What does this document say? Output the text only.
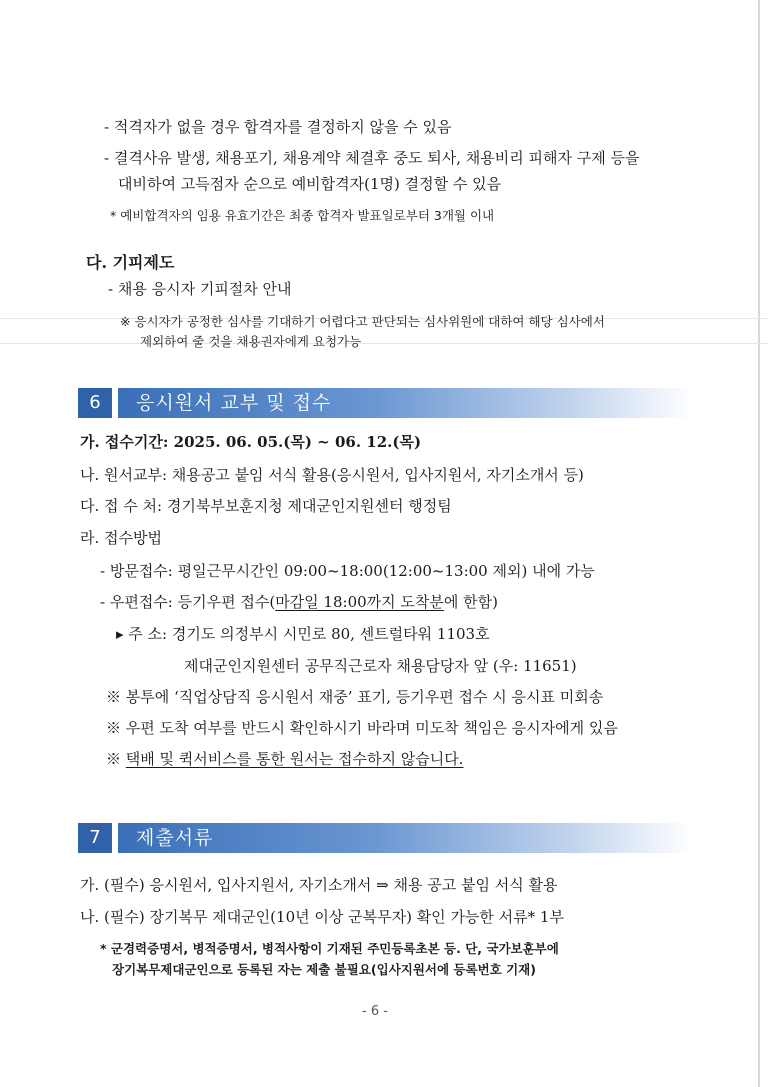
- 적격자가 없을 경우 합격자를 결정하지 않을 수 있음
- 결격사유 발생, 채용포기, 채용계약 체결후 중도 퇴사, 채용비리 피해자 구제 등을
대비하여 고득점자 순으로 예비합격자(1명) 결정할 수 있음
* 예비합격자의 임용 유효기간은 최종 합격자 발표일로부터 3개월 이내
다. 기피제도
- 채용 응시자 기피절차 안내
※ 응시자가 공정한 심사를 기대하기 어렵다고 판단되는 심사위원에 대하여 해당 심사에서
제외하여 줄 것을 채용권자에게 요청가능
6	응시원서 교부 및 접수
가. 접수기간: 2025. 06. 05.(목) ~ 06. 12.(목)
나. 원서교부: 채용공고 붙임 서식 활용(응시원서, 입사지원서, 자기소개서 등)
다. 접 수 처: 경기북부보훈지청 제대군인지원센터 행정팀
라. 접수방법
- 방문접수: 평일근무시간인 09:00~18:00(12:00~13:00 제외) 내에 가능
- 우편접수: 등기우편 접수(마감일 18:00까지 도착분에 한함)
▸ 주 소: 경기도 의정부시 시민로 80, 센트럴타워 1103호
제대군인지원센터 공무직근로자 채용담당자 앞 (우: 11651)
※ 봉투에 ‘직업상담직 응시원서 재중’ 표기, 등기우편 접수 시 응시표 미회송
※ 우편 도착 여부를 반드시 확인하시기 바라며 미도착 책임은 응시자에게 있음
※ 택배 및 퀵서비스를 통한 원서는 접수하지 않습니다.
7	제출서류
가. (필수) 응시원서, 입사지원서, 자기소개서 ⇒ 채용 공고 붙임 서식 활용
나. (필수) 장기복무 제대군인(10년 이상 군복무자) 확인 가능한 서류* 1부
* 군경력증명서, 병적증명서, 병적사항이 기재된 주민등록초본 등. 단, 국가보훈부에
장기복무제대군인으로 등록된 자는 제출 불필요(입사지원서에 등록번호 기재)
- 6 -
